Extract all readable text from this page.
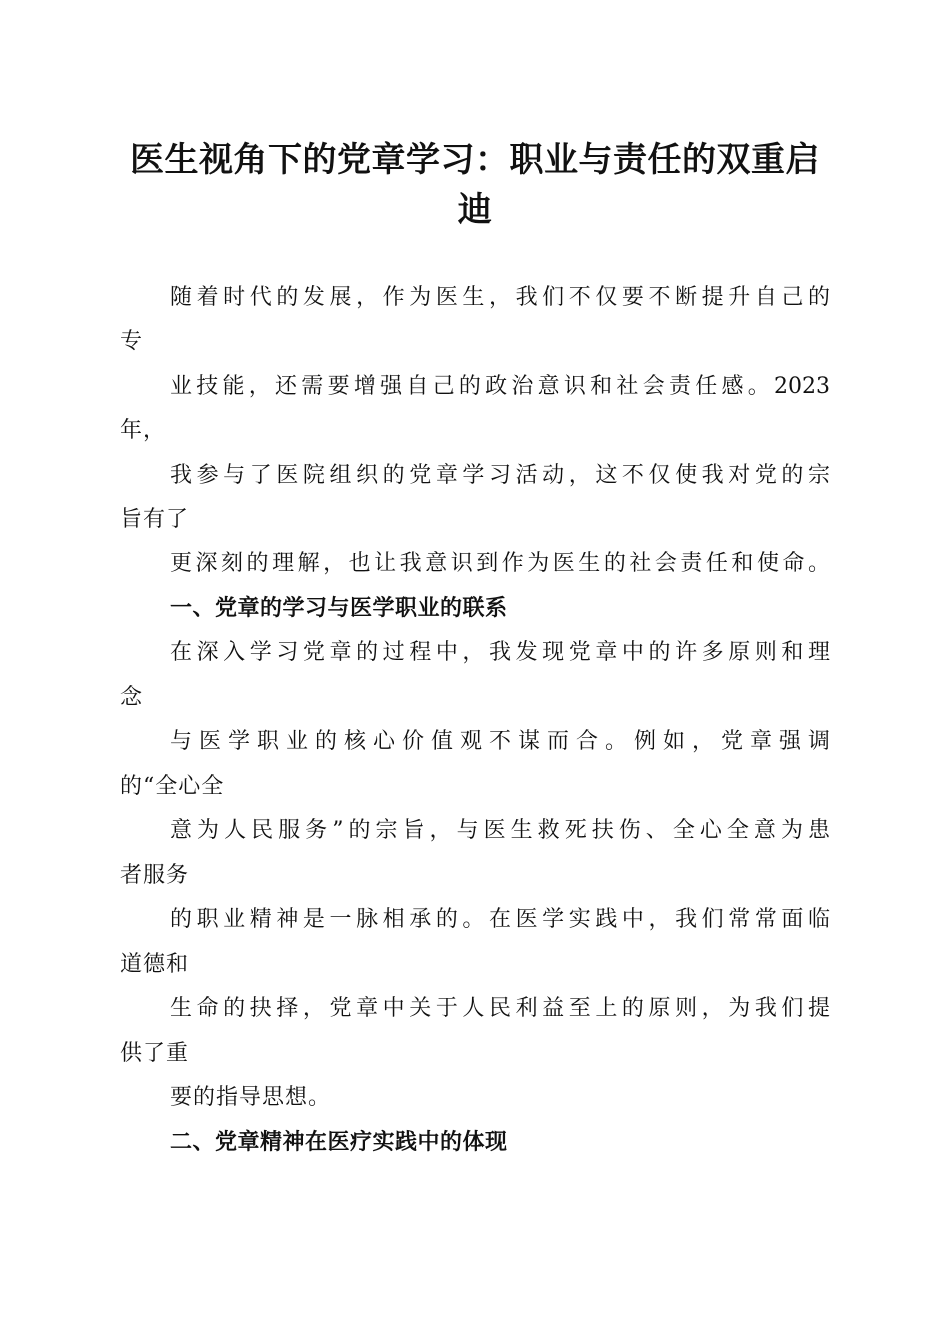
医生视角下的党章学习：职业与责任的双重启
迪
随着时代的发展，作为医生，我们不仅要不断提升自己的
专
业技能，还需要增强自己的政治意识和社会责任感。2023
年，
我参与了医院组织的党章学习活动，这不仅使我对党的宗
旨有了
更深刻的理解，也让我意识到作为医生的社会责任和使命。
一、党章的学习与医学职业的联系
在深入学习党章的过程中，我发现党章中的许多原则和理
念
与医学职业的核心价值观不谋而合。例如，党章强调
的“全心全
意为人民服务”的宗旨，与医生救死扶伤、全心全意为患
者服务
的职业精神是一脉相承的。在医学实践中，我们常常面临
道德和
生命的抉择，党章中关于人民利益至上的原则，为我们提
供了重
要的指导思想。
二、党章精神在医疗实践中的体现
